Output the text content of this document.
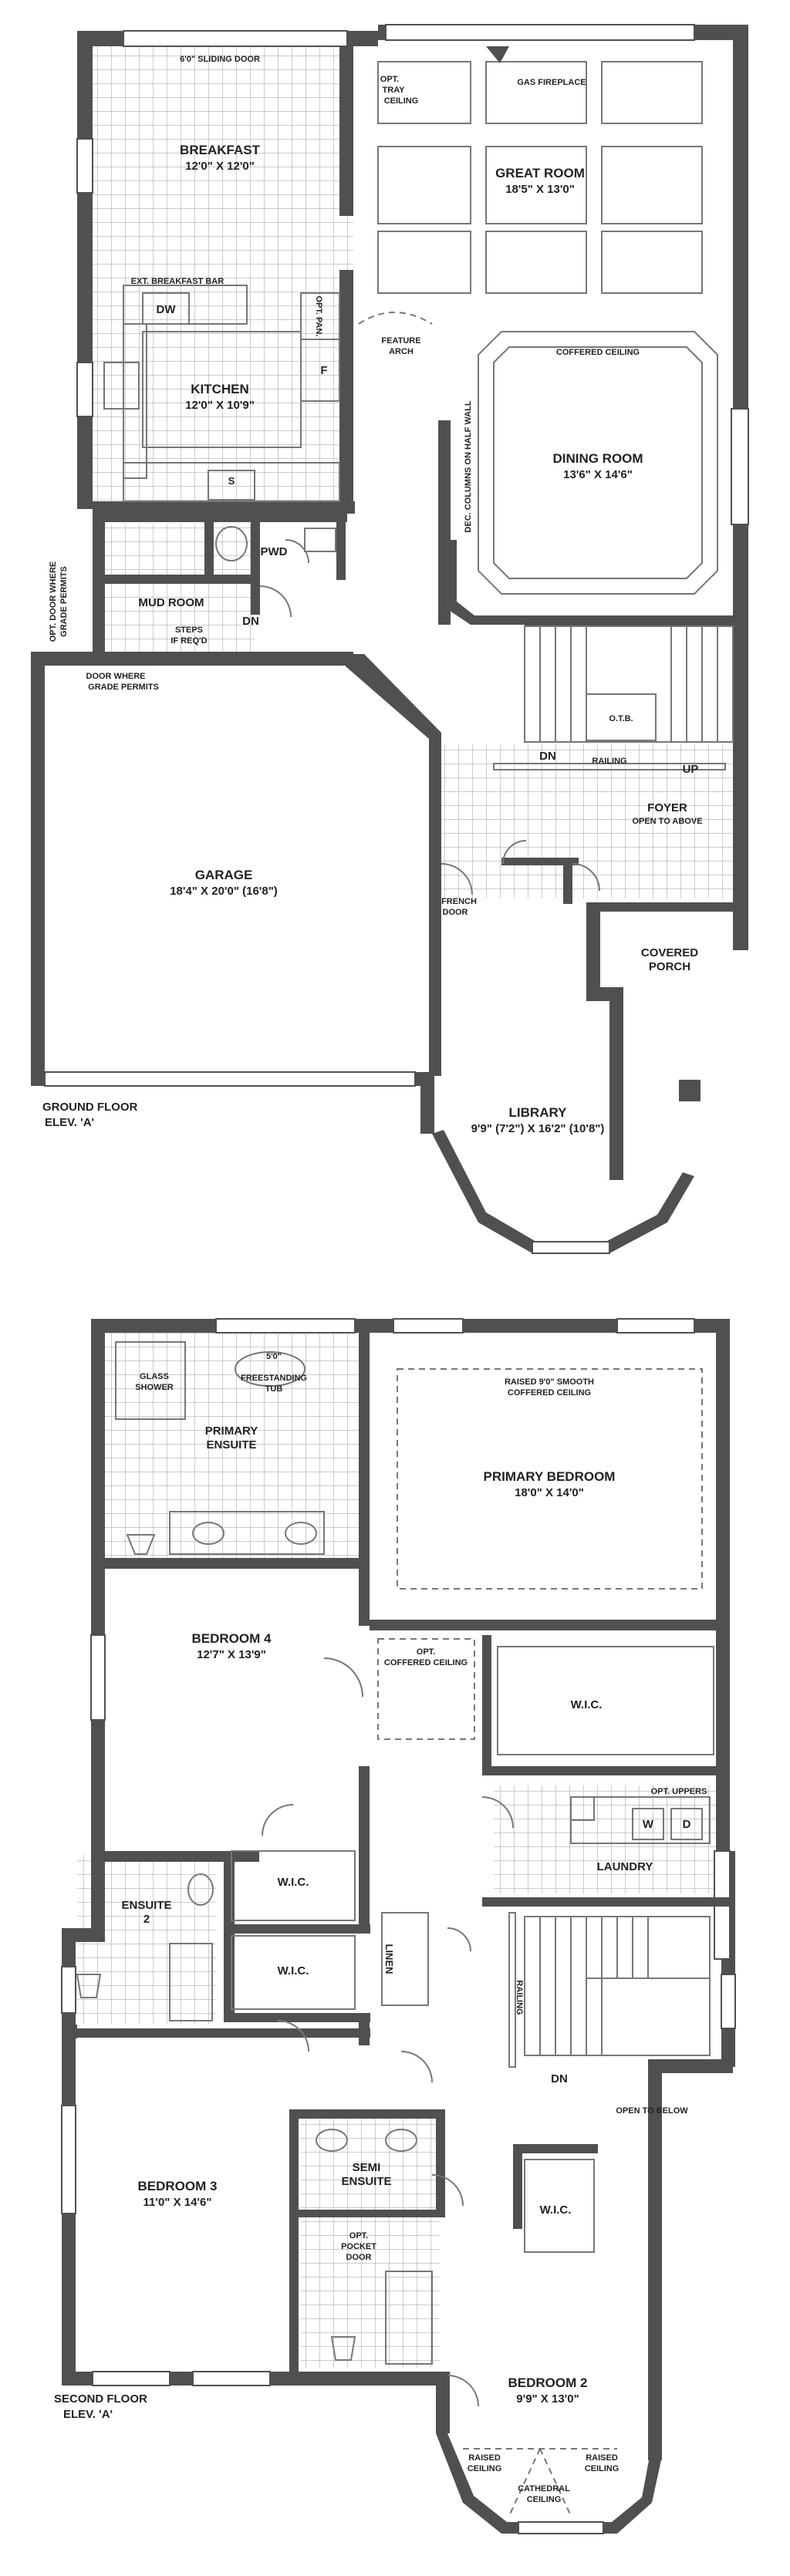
6'0" SLIDING DOOR
BREAKFAST
12'0" X 12'0"
OPT.
TRAY
CEILING
GAS FIREPLACE
GREAT ROOM
18'5" X 13'0"
EXT. BREAKFAST BAR
DW	OPT. PAN.
F
KITCHEN
12'0" X 10'9"
S
FEATURE
ARCH	COFFERED CEILING
DEC. COLUMNS ON HALF WALL	DINING ROOM
13'6" X 14'6"
PWD
OPT. DOOR WHERE GRADE PERMITS	MUD ROOM
STEPS
IF REQ'D
DN
DOOR WHERE
GRADE PERMITS
O.T.B.
DN	RAILING
UP
FOYER
OPEN TO ABOVE
GARAGE
18'4" X 20'0" (16'8")
FRENCH
DOOR
COVERED
PORCH
LIBRARY
9'9" (7'2") X 16'2" (10'8")
GROUND FLOOR
ELEV. 'A'
GLASS
SHOWER
5'0"
FREESTANDING
TUB
PRIMARY
ENSUITE
RAISED 9'0" SMOOTH
COFFERED CEILING
PRIMARY BEDROOM
18'0" X 14'0"
BEDROOM 4
12'7" X 13'9"	OPT.
COFFERED CEILING
W.I.C.
OPT. UPPERS
W D
LAUNDRY
ENSUITE
2
W.I.C.
W.I.C.	LINEN
RAILING
DN
OPEN TO BELOW
BEDROOM 3
11'0" X 14'6"
SEMI
ENSUITE
W.I.C.
OPT.
POCKET
DOOR
BEDROOM 2
9'9" X 13'0"
RAISED
CEILING
RAISED
CEILING
CATHEDRAL
CEILING
SECOND FLOOR
ELEV. 'A'
